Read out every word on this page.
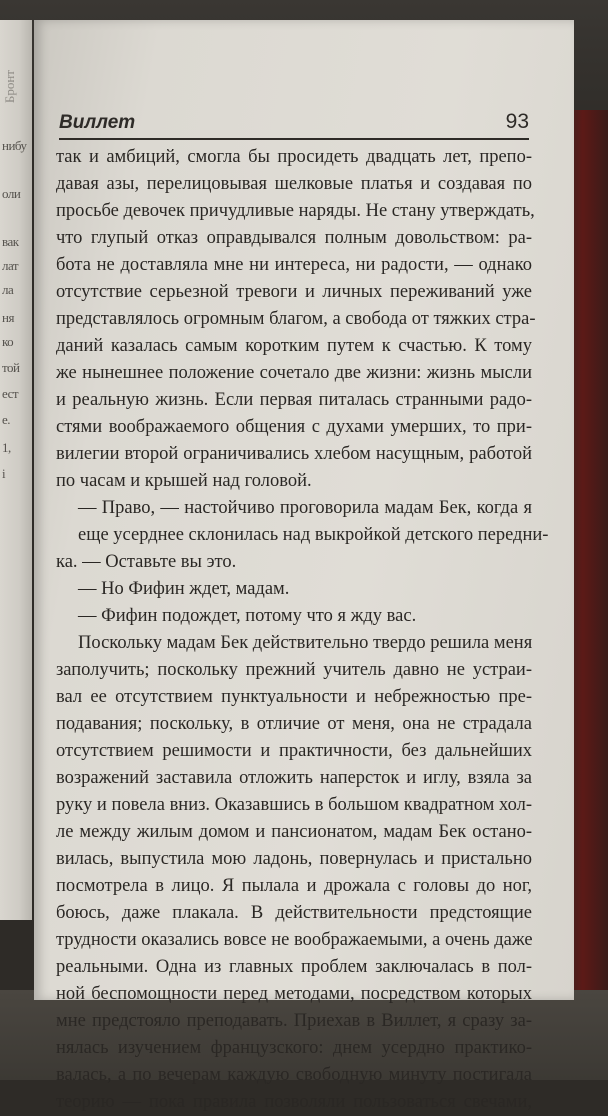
Бронт
нибу
оли
вак
лат
ла
ня
ко
той
ест
e.
1,
i
Виллет	93
так и амбиций, смогла бы просидеть двадцать лет, препо-
давая азы, перелицовывая шелковые платья и создавая по
просьбе девочек причудливые наряды. Не стану утверждать,
что глупый отказ оправдывался полным довольством: ра-
бота не доставляла мне ни интереса, ни радости, — однако
отсутствие серьезной тревоги и личных переживаний уже
представлялось огромным благом, а свобода от тяжких стра-
даний казалась самым коротким путем к счастью. К тому
же нынешнее положение сочетало две жизни: жизнь мысли
и реальную жизнь. Если первая питалась странными радо-
стями воображаемого общения с духами умерших, то при-
вилегии второй ограничивались хлебом насущным, работой
по часам и крышей над головой.
— Право, — настойчиво проговорила мадам Бек, когда я
еще усерднее склонилась над выкройкой детского передни-
ка. — Оставьте вы это.
— Но Фифин ждет, мадам.
— Фифин подождет, потому что я жду вас.
Поскольку мадам Бек действительно твердо решила меня
заполучить; поскольку прежний учитель давно не устраи-
вал ее отсутствием пунктуальности и небрежностью пре-
подавания; поскольку, в отличие от меня, она не страдала
отсутствием решимости и практичности, без дальнейших
возражений заставила отложить наперсток и иглу, взяла за
руку и повела вниз. Оказавшись в большом квадратном хол-
ле между жилым домом и пансионатом, мадам Бек остано-
вилась, выпустила мою ладонь, повернулась и пристально
посмотрела в лицо. Я пылала и дрожала с головы до ног,
боюсь, даже плакала. В действительности предстоящие
трудности оказались вовсе не воображаемыми, а очень даже
реальными. Одна из главных проблем заключалась в пол-
ной беспомощности перед методами, посредством которых
мне предстояло преподавать. Приехав в Виллет, я сразу за-
нялась изучением французского: днем усердно практико-
валась, а по вечерам каждую свободную минуту постигала
теорию — пока правила позволяли пользоваться свечами,
